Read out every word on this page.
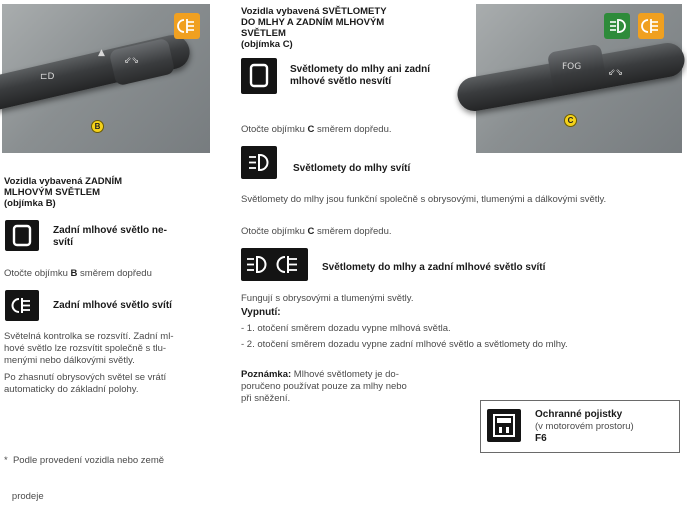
⇙⇘
⊏D
▲
B
FOG
⇙⇘
C
Vozidla vybavená ZADNÍM
MLHOVÝM SVĚTLEM
(objímka B)
Zadní mlhové světlo ne-
svítí
Otočte objímku B směrem dopředu
Zadní mlhové světlo svítí
Světelná kontrolka se rozsvítí. Zadní ml-
hové světlo lze rozsvítit společně s tlu-
menými nebo dálkovými světly.
Po zhasnutí obrysových světel se vrátí
automaticky do základní polohy.

*  Podle provedení vozidla nebo země

prodeje

Vozidla vybavená SVĚTLOMETY
DO MLHY A ZADNÍM MLHOVÝM
SVĚTLEM
(objímka C)
Světlomety do mlhy ani zadní
mlhové světlo nesvítí
Otočte objímku C směrem dopředu.
Světlomety do mlhy svítí
Světlomety do mlhy jsou funkční společně s obrysovými, tlumenými a dálkovými světly.
Otočte objímku C směrem dopředu.
Světlomety do mlhy a zadní mlhové světlo svítí
Fungují s obrysovými a tlumenými světly.
Vypnutí:
- 1. otočení směrem dozadu vypne mlhová světla.
- 2. otočení směrem dozadu vypne zadní mlhové světlo a světlomety do mlhy.
Poznámka: Mlhové světlomety je do-
poručeno používat pouze za mlhy nebo
při sněžení.
Ochranné pojistky
(v motorovém prostoru)
F6
